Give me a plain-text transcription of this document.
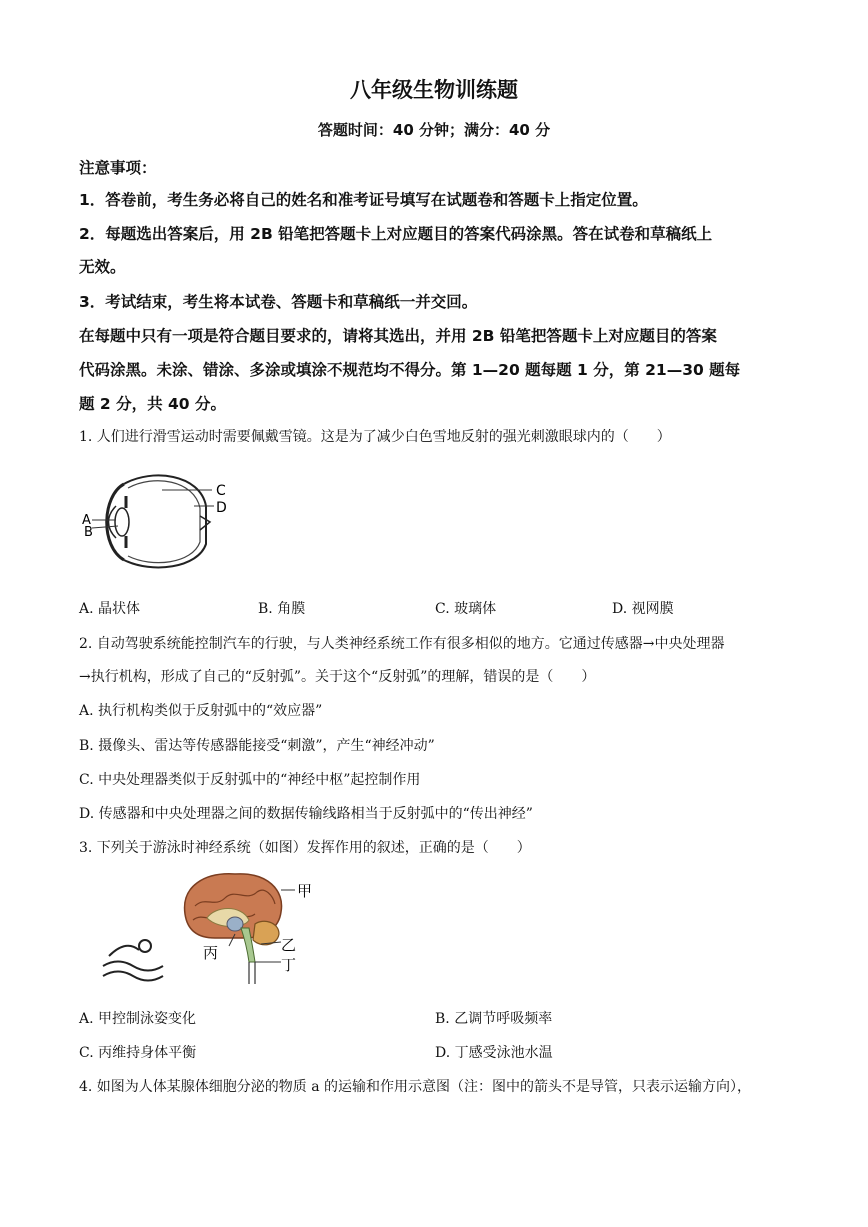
八年级生物训练题
答题时间：40 分钟；满分：40 分
注意事项：
1．答卷前，考生务必将自己的姓名和准考证号填写在试题卷和答题卡上指定位置。
2．每题选出答案后，用 2B 铅笔把答题卡上对应题目的答案代码涂黑。答在试卷和草稿纸上
无效。
3．考试结束，考生将本试卷、答题卡和草稿纸一并交回。
在每题中只有一项是符合题目要求的，请将其选出，并用 2B 铅笔把答题卡上对应题目的答案
代码涂黑。未涂、错涂、多涂或填涂不规范均不得分。第 1—20 题每题 1 分，第 21—30 题每
题 2 分，共 40 分。
1. 人们进行滑雪运动时需要佩戴雪镜。这是为了减少白色雪地反射的强光刺激眼球内的（　　）
A
B
C
D
A. 晶状体	B. 角膜	C. 玻璃体	D. 视网膜
2. 自动驾驶系统能控制汽车的行驶，与人类神经系统工作有很多相似的地方。它通过传感器→中央处理器
→执行机构，形成了自己的“反射弧”。关于这个“反射弧”的理解，错误的是（　　）
A. 执行机构类似于反射弧中的“效应器”
B. 摄像头、雷达等传感器能接受“刺激”，产生“神经冲动”
C. 中央处理器类似于反射弧中的“神经中枢”起控制作用
D. 传感器和中央处理器之间的数据传输线路相当于反射弧中的“传出神经”
3. 下列关于游泳时神经系统（如图）发挥作用的叙述，正确的是（　　）
甲
乙
丙
丁
A. 甲控制泳姿变化	B. 乙调节呼吸频率
C. 丙维持身体平衡	D. 丁感受泳池水温
4. 如图为人体某腺体细胞分泌的物质 a 的运输和作用示意图（注：图中的箭头不是导管，只表示运输方向），
